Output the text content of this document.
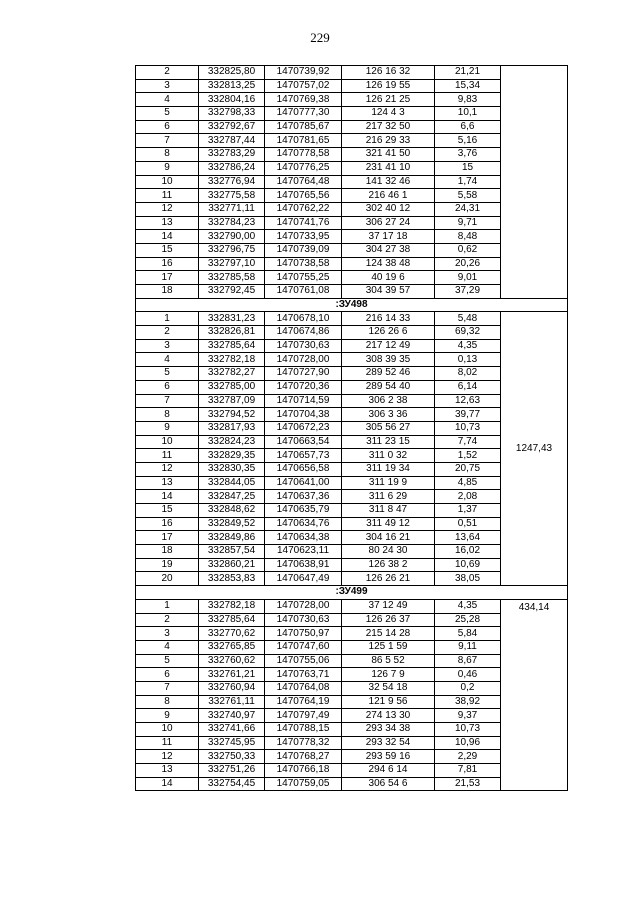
229
2	332825,80	1470739,92	126 16 32	21,21	
3	332813,25	1470757,02	126 19 55	15,34	
4	332804,16	1470769,38	126 21 25	9,83	
5	332798,33	1470777,30	124 4 3	10,1	
6	332792,67	1470785,67	217 32 50	6,6	
7	332787,44	1470781,65	216 29 33	5,16	
8	332783,29	1470778,58	321 41 50	3,76	
9	332786,24	1470776,25	231 41 10	15	
10	332776,94	1470764,48	141 32 46	1,74	
11	332775,58	1470765,56	216 46 1	5,58	
12	332771,11	1470762,22	302 40 12	24,31	
13	332784,23	1470741,76	306 27 24	9,71	
14	332790,00	1470733,95	37 17 18	8,48	
15	332796,75	1470739,09	304 27 38	0,62	
16	332797,10	1470738,58	124 38 48	20,26	
17	332785,58	1470755,25	40 19 6	9,01	
18	332792,45	1470761,08	304 39 57	37,29	
:ЗУ498					
1	332831,23	1470678,10	216 14 33	5,48	1247,43
2	332826,81	1470674,86	126 26 6	69,32	
3	332785,64	1470730,63	217 12 49	4,35	
4	332782,18	1470728,00	308 39 35	0,13	
5	332782,27	1470727,90	289 52 46	8,02	
6	332785,00	1470720,36	289 54 40	6,14	
7	332787,09	1470714,59	306 2 38	12,63	
8	332794,52	1470704,38	306 3 36	39,77	
9	332817,93	1470672,23	305 56 27	10,73	
10	332824,23	1470663,54	311 23 15	7,74	
11	332829,35	1470657,73	311 0 32	1,52	
12	332830,35	1470656,58	311 19 34	20,75	
13	332844,05	1470641,00	311 19 9	4,85	
14	332847,25	1470637,36	311 6 29	2,08	
15	332848,62	1470635,79	311 8 47	1,37	
16	332849,52	1470634,76	311 49 12	0,51	
17	332849,86	1470634,38	304 16 21	13,64	
18	332857,54	1470623,11	80 24 30	16,02	
19	332860,21	1470638,91	126 38 2	10,69	
20	332853,83	1470647,49	126 26 21	38,05	
:ЗУ499					
1	332782,18	1470728,00	37 12 49	4,35	434,14
2	332785,64	1470730,63	126 26 37	25,28	
3	332770,62	1470750,97	215 14 28	5,84	
4	332765,85	1470747,60	125 1 59	9,11	
5	332760,62	1470755,06	86 5 52	8,67	
6	332761,21	1470763,71	126 7 9	0,46	
7	332760,94	1470764,08	32 54 18	0,2	
8	332761,11	1470764,19	121 9 56	38,92	
9	332740,97	1470797,49	274 13 30	9,37	
10	332741,66	1470788,15	293 34 38	10,73	
11	332745,95	1470778,32	293 32 54	10,96	
12	332750,33	1470768,27	293 59 16	2,29	
13	332751,26	1470766,18	294 6 14	7,81	
14	332754,45	1470759,05	306 54 6	21,53	
